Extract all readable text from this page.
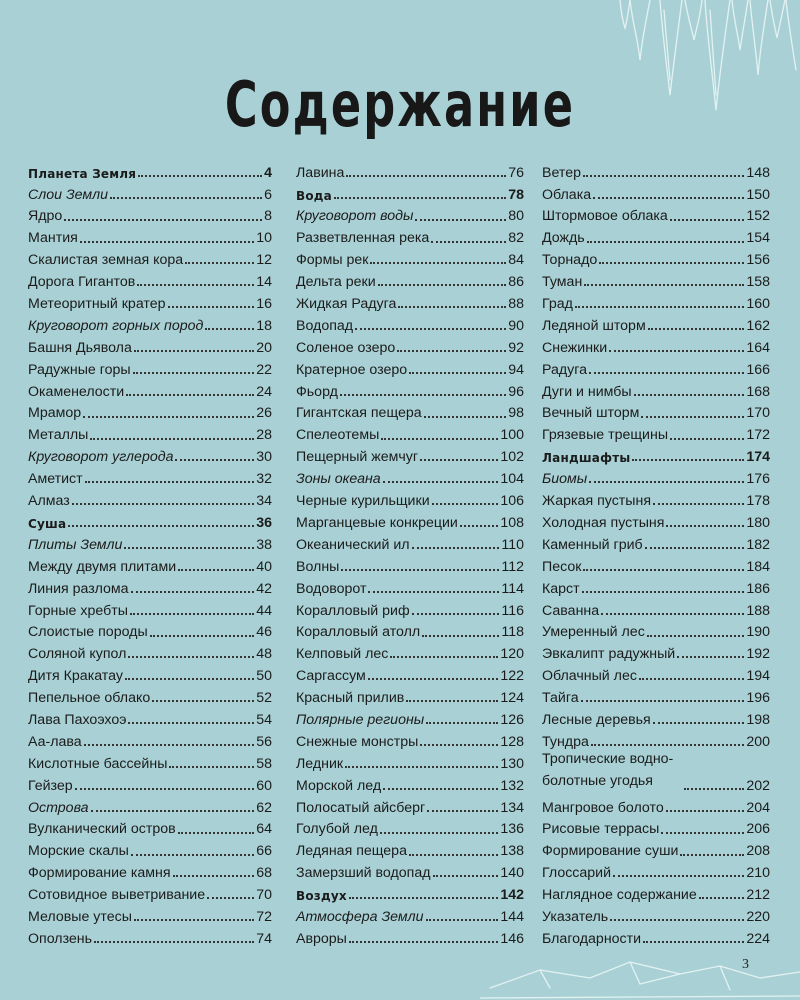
Содержание
Планета Земля	4
Слои Земли	6
Ядро	8
Мантия	10
Скалистая земная кора	12
Дорога Гигантов	14
Метеоритный кратер	16
Круговорот горных пород	18
Башня Дьявола	20
Радужные горы	22
Окаменелости	24
Мрамор	26
Металлы	28
Круговорот углерода	30
Аметист	32
Алмаз	34
Суша	36
Плиты Земли	38
Между двумя плитами	40
Линия разлома	42
Горные хребты	44
Слоистые породы	46
Соляной купол	48
Дитя Кракатау	50
Пепельное облако	52
Лава Пахоэхоэ	54
Аа-лава	56
Кислотные бассейны	58
Гейзер	60
Острова	62
Вулканический остров	64
Морские скалы	66
Формирование камня	68
Сотовидное выветривание	70
Меловые утесы	72
Оползень	74
Лавина	76
Вода	78
Круговорот воды	80
Разветвленная река	82
Формы рек	84
Дельта реки	86
Жидкая Радуга	88
Водопад	90
Соленое озеро	92
Кратерное озеро	94
Фьорд	96
Гигантская пещера	98
Спелеотемы	100
Пещерный жемчуг	102
Зоны океана	104
Черные курильщики	106
Марганцевые конкреции	108
Океанический ил	110
Волны	112
Водоворот	114
Коралловый риф	116
Коралловый атолл	118
Келповый лес	120
Саргассум	122
Красный прилив	124
Полярные регионы	126
Снежные монстры	128
Ледник	130
Морской лед	132
Полосатый айсберг	134
Голубой лед	136
Ледяная пещера	138
Замерзший водопад	140
Воздух	142
Атмосфера Земли	144
Авроры	146
Ветер	148
Облака	150
Штормовое облака	152
Дождь	154
Торнадо	156
Туман	158
Град	160
Ледяной шторм	162
Снежинки	164
Радуга	166
Дуги и нимбы	168
Вечный шторм	170
Грязевые трещины	172
Ландшафты	174
Биомы	176
Жаркая пустыня	178
Холодная пустыня	180
Каменный гриб	182
Песок	184
Карст	186
Саванна	188
Умеренный лес	190
Эвкалипт радужный	192
Облачный лес	194
Тайга	196
Лесные деревья	198
Тундра	200
Тропические водно-болотные угодья	202
Мангровое болото	204
Рисовые террасы	206
Формирование суши	208
Глоссарий	210
Наглядное содержание	212
Указатель	220
Благодарности	224
3
